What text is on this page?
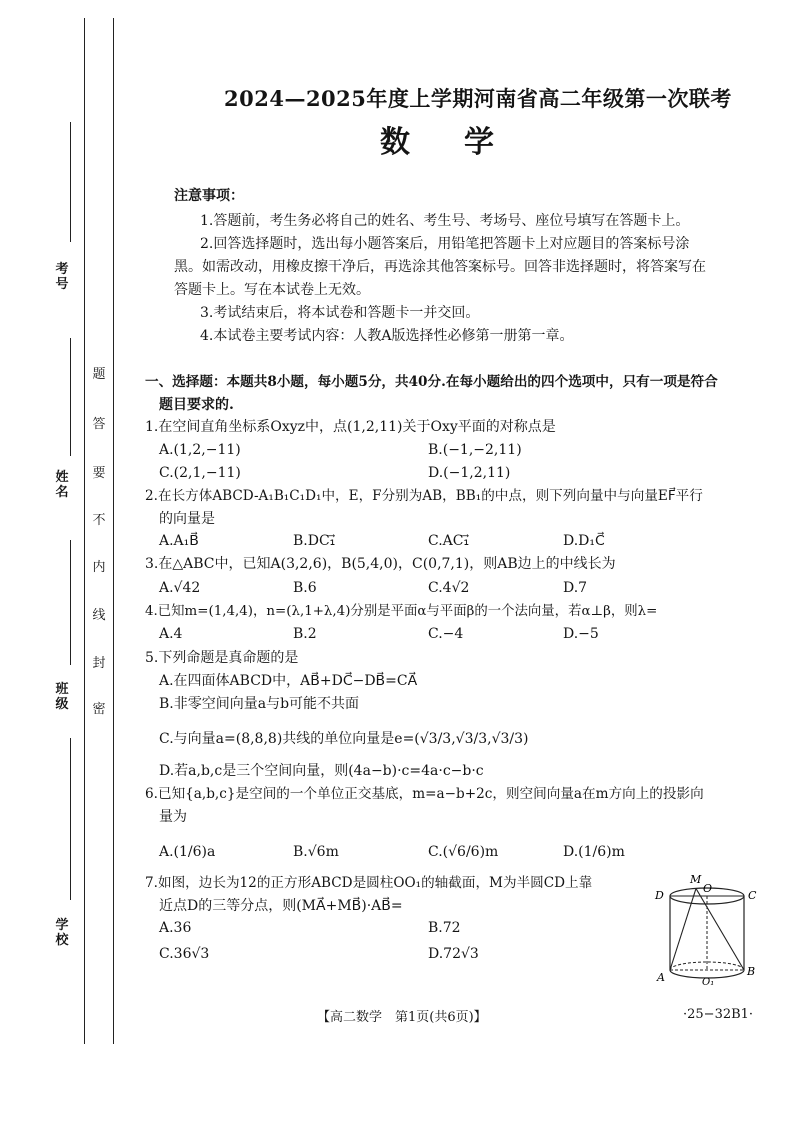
考号
姓名
班级
学校
题
答
要
不
内
线
封
密
2024—2025年度上学期河南省高二年级第一次联考
数学
注意事项：
1.答题前，考生务必将自己的姓名、考生号、考场号、座位号填写在答题卡上。
2.回答选择题时，选出每小题答案后，用铅笔把答题卡上对应题目的答案标号涂
黑。如需改动，用橡皮擦干净后，再选涂其他答案标号。回答非选择题时，将答案写在
答题卡上。写在本试卷上无效。
3.考试结束后，将本试卷和答题卡一并交回。
4.本试卷主要考试内容：人教A版选择性必修第一册第一章。
一、选择题：本题共8小题，每小题5分，共40分.在每小题给出的四个选项中，只有一项是符合
题目要求的.
1.在空间直角坐标系Oxyz中，点(1,2,11)关于Oxy平面的对称点是
A.(1,2,−11)	B.(−1,−2,11)
C.(2,1,−11)	D.(−1,2,11)
2.在长方体ABCD-A₁B₁C₁D₁中，E，F分别为AB，BB₁的中点，则下列向量中与向量EF⃗平行
的向量是
A.A₁B⃗	B.DC₁⃗	C.AC₁⃗	D.D₁C⃗
3.在△ABC中，已知A(3,2,6)，B(5,4,0)，C(0,7,1)，则AB边上的中线长为
A.√42	B.6	C.4√2	D.7
4.已知m=(1,4,4)，n=(λ,1+λ,4)分别是平面α与平面β的一个法向量，若α⊥β，则λ=
A.4	B.2	C.−4	D.−5
5.下列命题是真命题的是
A.在四面体ABCD中，AB⃗+DC⃗−DB⃗=CA⃗
B.非零空间向量a与b可能不共面
C.与向量a=(8,8,8)共线的单位向量是e=(√3/3,√3/3,√3/3)
D.若a,b,c是三个空间向量，则(4a−b)·c=4a·c−b·c
6.已知{a,b,c}是空间的一个单位正交基底，m=a−b+2c，则空间向量a在m方向上的投影向
量为
A.(1/6)a	B.√6m	C.(√6/6)m	D.(1/6)m
7.如图，边长为12的正方形ABCD是圆柱OO₁的轴截面，M为半圆CD上靠
近点D的三等分点，则(MA⃗+MB⃗)·AB⃗=
A.36	B.72
C.36√3	D.72√3
M
O
C
D
A	O₁
B
【高二数学　第1页(共6页)】	·25−32B1·
